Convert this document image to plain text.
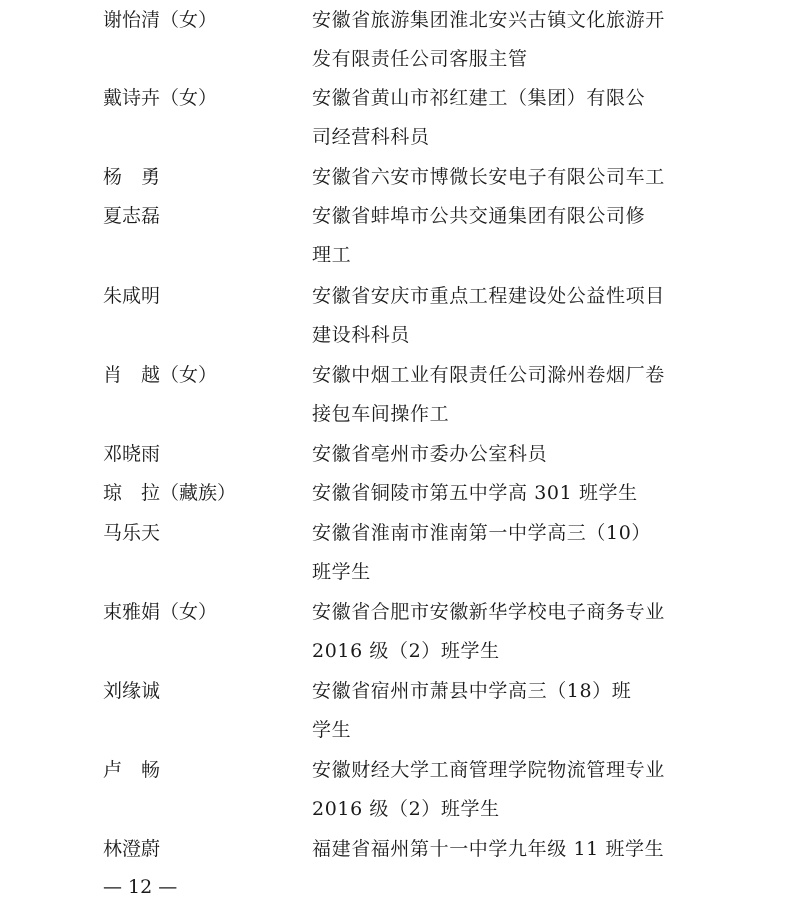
谢怡清（女）	安徽省旅游集团淮北安兴古镇文化旅游开
发有限责任公司客服主管
戴诗卉（女）	安徽省黄山市祁红建工（集团）有限公
司经营科科员
杨　勇	安徽省六安市博微长安电子有限公司车工
夏志磊	安徽省蚌埠市公共交通集团有限公司修
理工
朱咸明	安徽省安庆市重点工程建设处公益性项目
建设科科员
肖　越（女）	安徽中烟工业有限责任公司滁州卷烟厂卷
接包车间操作工
邓晓雨	安徽省亳州市委办公室科员
琼　拉（藏族）	安徽省铜陵市第五中学高 301 班学生
马乐天	安徽省淮南市淮南第一中学高三（10）
班学生
束雅娟（女）	安徽省合肥市安徽新华学校电子商务专业
2016 级（2）班学生
刘缘诚	安徽省宿州市萧县中学高三（18）班
学生
卢　畅	安徽财经大学工商管理学院物流管理专业
2016 级（2）班学生
林澄蔚	福建省福州第十一中学九年级 11 班学生
— 12 —
